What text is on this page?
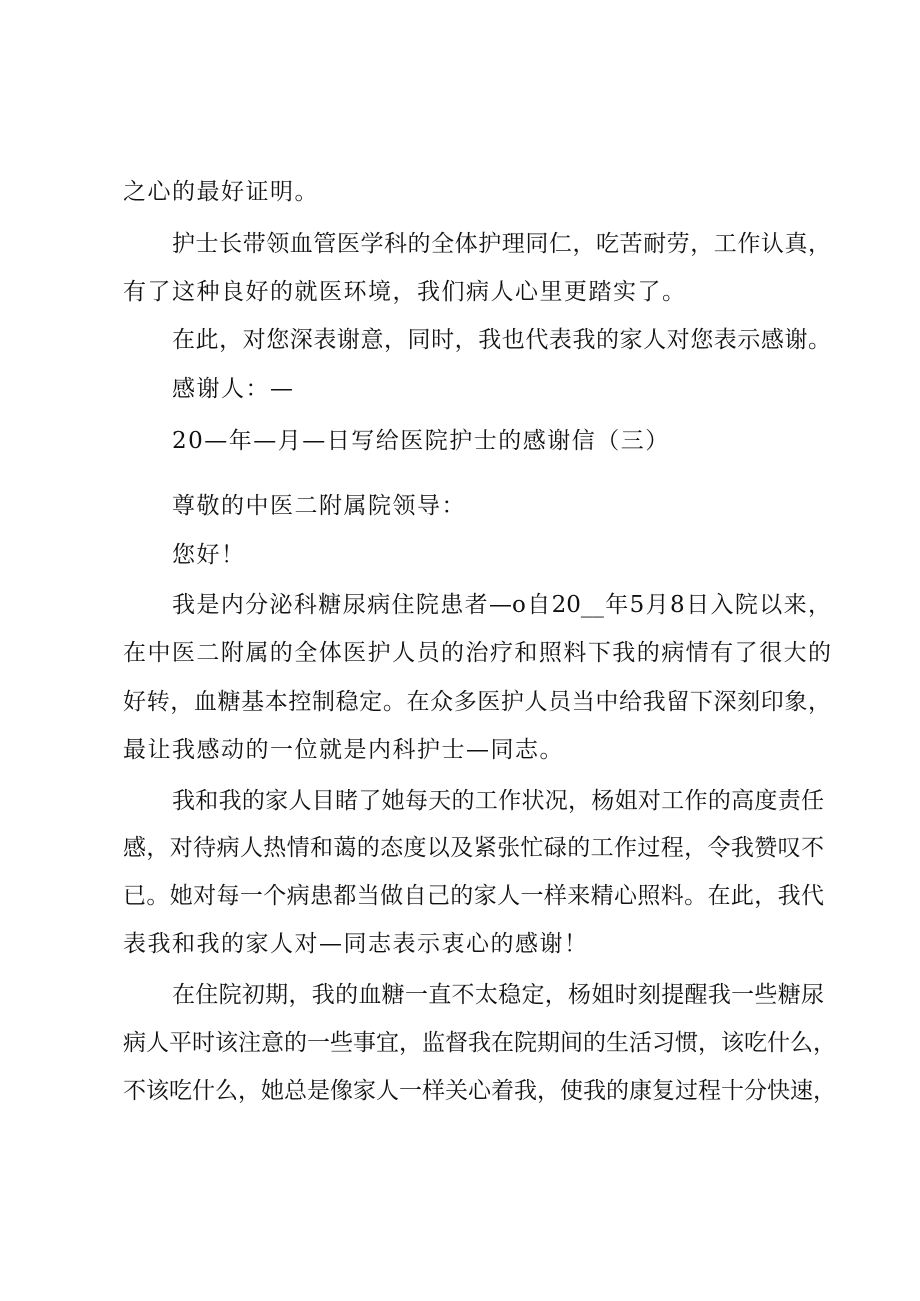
之心的最好证明。
护士长带领血管医学科的全体护理同仁，吃苦耐劳，工作认真，
有了这种良好的就医环境，我们病人心里更踏实了。
在此，对您深表谢意，同时，我也代表我的家人对您表示感谢。
感谢人：—
20—年—月—日写给医院护士的感谢信（三）
尊敬的中医二附属院领导：
您好！
我是内分泌科糖尿病住院患者—o自20__年5月8日入院以来，
在中医二附属的全体医护人员的治疗和照料下我的病情有了很大的
好转，血糖基本控制稳定。在众多医护人员当中给我留下深刻印象，
最让我感动的一位就是内科护士—同志。
我和我的家人目睹了她每天的工作状况，杨姐对工作的高度责任
感，对待病人热情和蔼的态度以及紧张忙碌的工作过程，令我赞叹不
已。她对每一个病患都当做自己的家人一样来精心照料。在此，我代
表我和我的家人对—同志表示衷心的感谢！
在住院初期，我的血糖一直不太稳定，杨姐时刻提醒我一些糖尿
病人平时该注意的一些事宜，监督我在院期间的生活习惯，该吃什么，
不该吃什么，她总是像家人一样关心着我，使我的康复过程十分快速，
